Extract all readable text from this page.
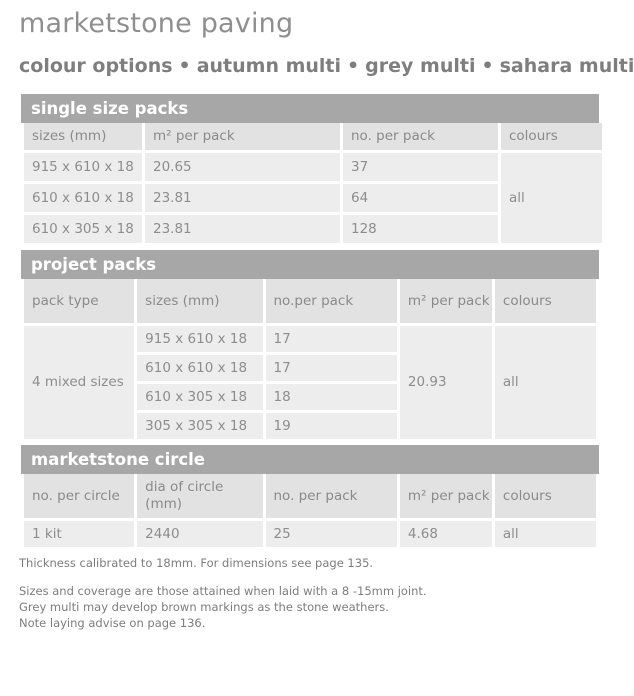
marketstone paving
colour options • autumn multi • grey multi • sahara multi
single size packs
sizes (mm)	m² per pack	no. per pack	colours
915 x 610 x 18	20.65	37	all
610 x 610 x 18	23.81	64	
610 x 305 x 18	23.81	128	
project packs
pack type	sizes (mm)	no.per pack	m² per pack	colours
4 mixed sizes	915 x 610 x 18	17	20.93	all
	610 x 610 x 18	17		
	610 x 305 x 18	18		
	305 x 305 x 18	19		
marketstone circle
no. per circle	dia of circle (mm)	no. per pack	m² per pack	colours
1 kit	2440	25	4.68	all

Thickness calibrated to 18mm. For dimensions see page 135.

Sizes and coverage are those attained when laid with a 8 -15mm joint.

Grey multi may develop brown markings as the stone weathers.

Note laying advise on page 136.
